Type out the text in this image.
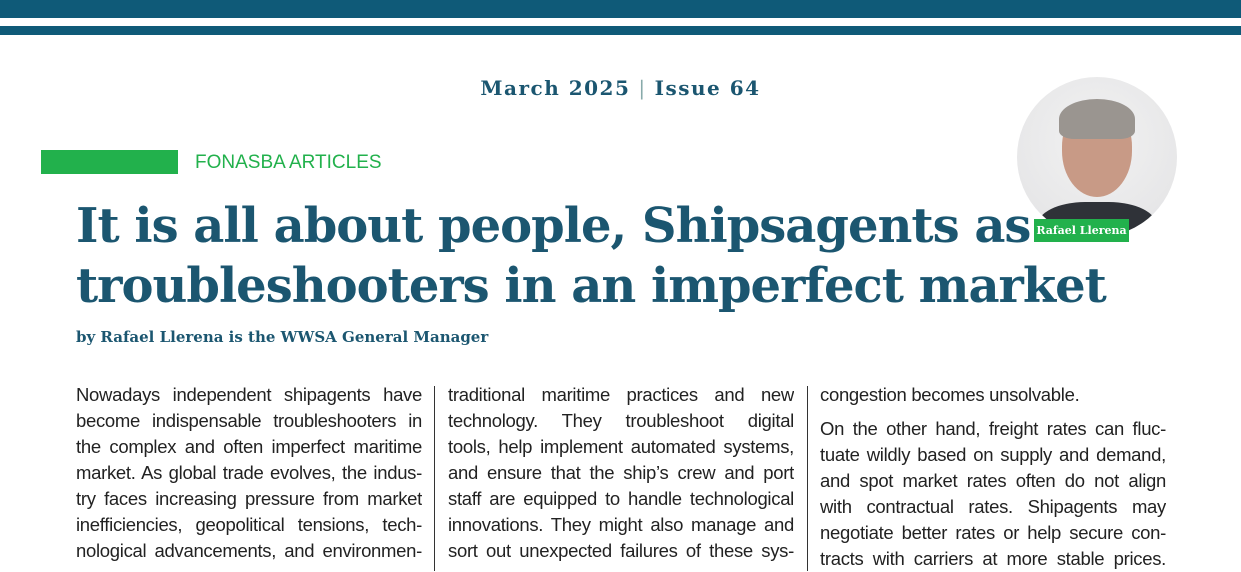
March 2025 | Issue 64
FONASBA ARTICLES
It is all about people, Shipsagents as
troubleshooters in an imperfect market
by Rafael Llerena is the WWSA General Manager
Rafael Llerena
Nowadays independent shipagents have
become indispensable troubleshooters in
the complex and often imperfect maritime
market. As global trade evolves, the indus-
try faces increasing pressure from market
inefficiencies, geopolitical tensions, tech-
nological advancements, and environmen-
traditional maritime practices and new
technology. They troubleshoot digital
tools, help implement automated systems,
and ensure that the ship’s crew and port
staff are equipped to handle technological
innovations. They might also manage and
sort out unexpected failures of these sys-
congestion becomes unsolvable.
On the other hand, freight rates can fluc-
tuate wildly based on supply and demand,
and spot market rates often do not align
with contractual rates. Shipagents may
negotiate better rates or help secure con-
tracts with carriers at more stable prices.
